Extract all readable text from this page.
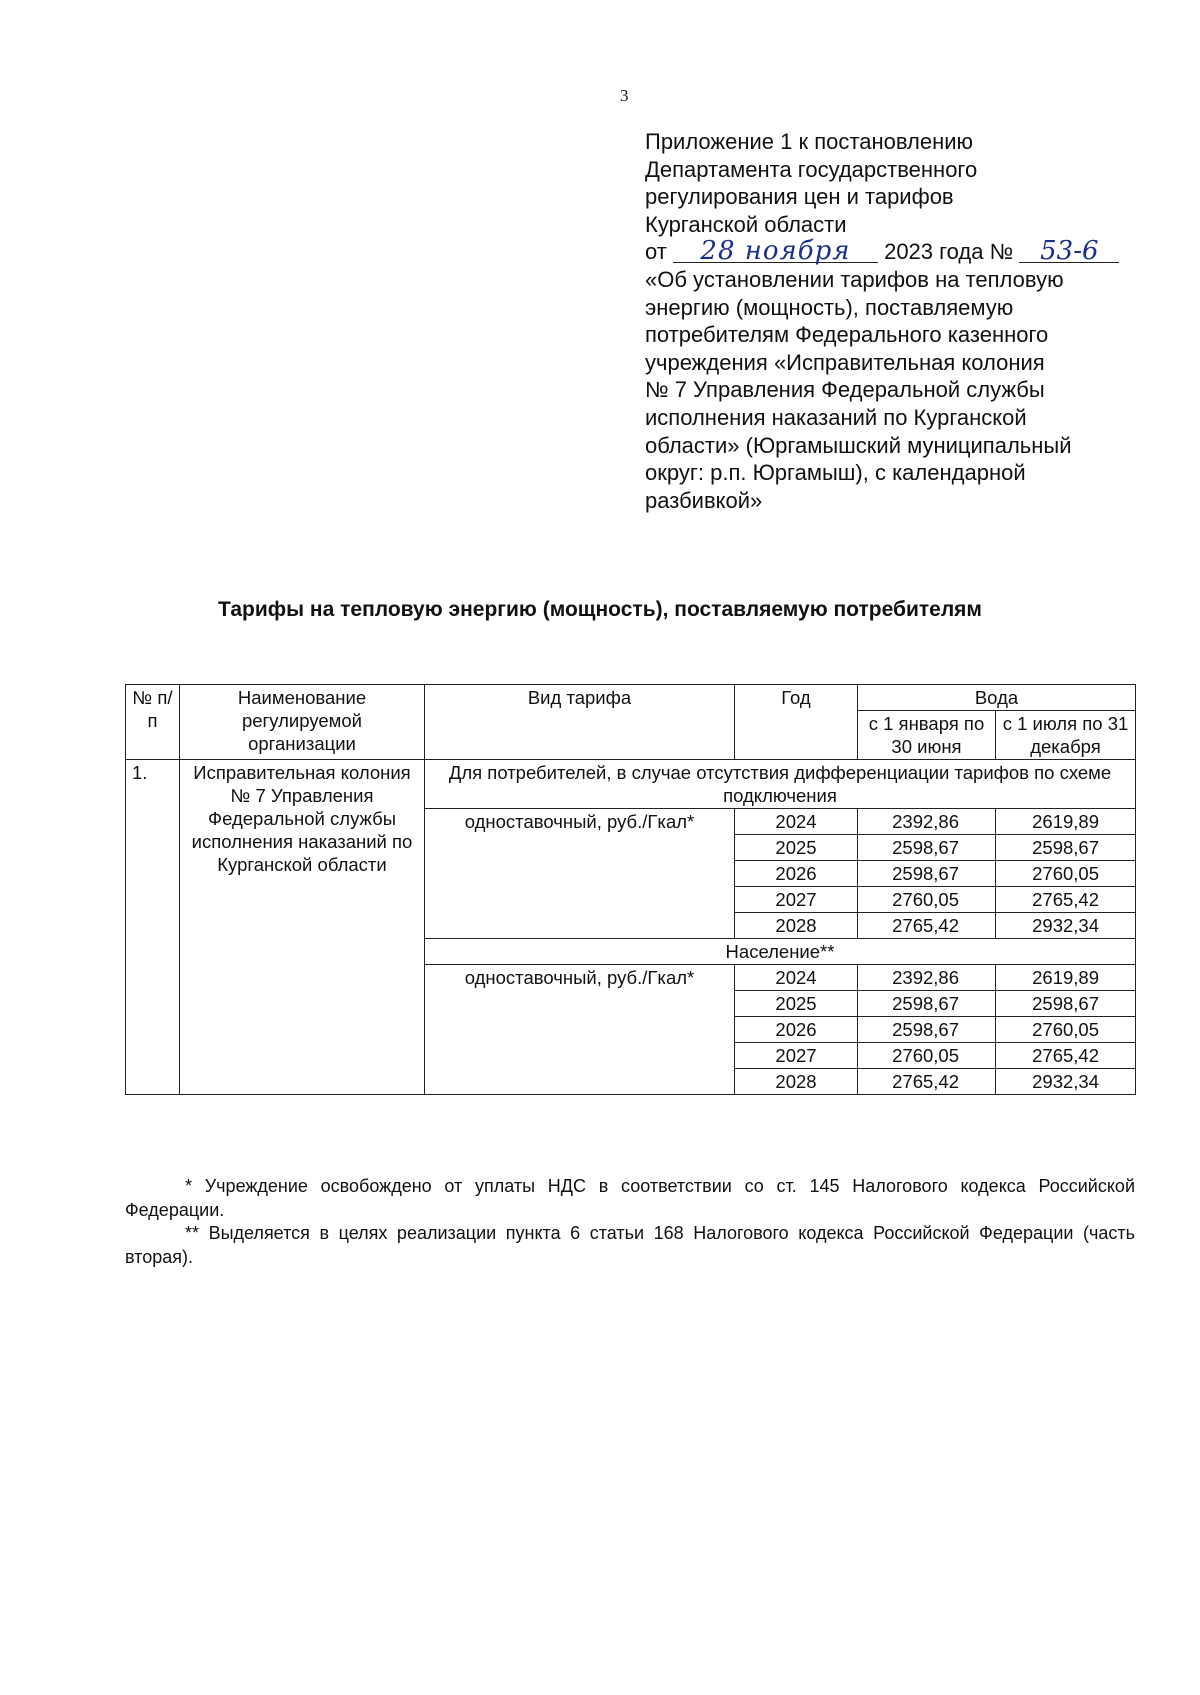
3
Приложение 1 к постановлению
Департамента государственного
регулирования цен и тарифов
Курганской области
от 28 ноября 2023 года № 53-6
«Об установлении тарифов на тепловую
энергию (мощность), поставляемую
потребителям Федерального казенного
учреждения «Исправительная колония
№ 7 Управления Федеральной службы
исполнения наказаний по Курганской
области» (Юргамышский муниципальный
округ: р.п. Юргамыш), с календарной
разбивкой»
Тарифы на тепловую энергию (мощность), поставляемую потребителям
№ п/п	Наименование регулируемой организации	Вид тарифа	Год	Вода	
				с 1 января по 30 июня	с 1 июля по 31 декабря
1.	Исправительная колония № 7 Управления Федеральной службы исполнения наказаний по Курганской области	Для потребителей, в случае отсутствия дифференциации тарифов по схеме подключения			
		одноставочный, руб./Гкал*	2024	2392,86	2619,89
			2025	2598,67	2598,67
			2026	2598,67	2760,05
			2027	2760,05	2765,42
			2028	2765,42	2932,34
		Население**			
		одноставочный, руб./Гкал*	2024	2392,86	2619,89
			2025	2598,67	2598,67
			2026	2598,67	2760,05
			2027	2760,05	2765,42
			2028	2765,42	2932,34

* Учреждение освобождено от уплаты НДС в соответствии со ст. 145 Налогового кодекса Российской Федерации.

** Выделяется в целях реализации пункта 6 статьи 168 Налогового кодекса Российской Федерации (часть вторая).
